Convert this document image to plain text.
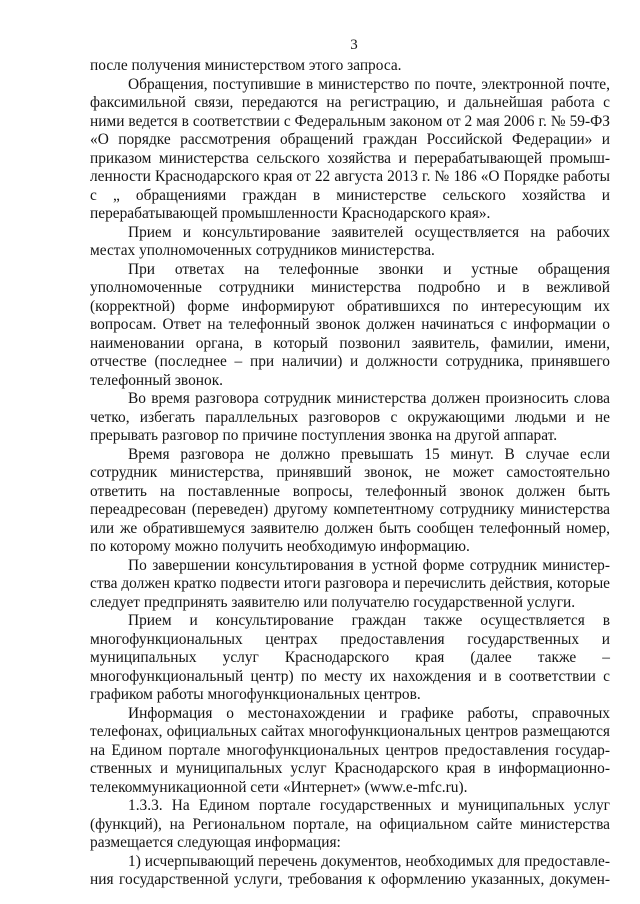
3

после получения министерством этого запроса.

Обращения, поступившие в министерство по почте, электронной почте, факсимильной связи, передаются на регистрацию, и дальнейшая работа с ними ведется в соответствии с Федеральным законом от 2 мая 2006 г. № 59-ФЗ «О порядке рассмотрения обращений граждан Российской Федерации» и приказом министерства сельского хозяйства и перерабатывающей промышленности Краснодарского края от 22 августа 2013 г. № 186 «О Порядке работы с „ обращениями граждан в министерстве сельского хозяйства и перерабатывающей промышленности Краснодарского края».

Прием и консультирование заявителей осуществляется на рабочих местах уполномоченных сотрудников министерства.

При ответах на телефонные звонки и устные обращения уполномоченные сотрудники министерства подробно и в вежливой (корректной) форме информируют обратившихся по интересующим их вопросам. Ответ на телефонный звонок должен начинаться с информации о наименовании органа, в который позвонил заявитель, фамилии, имени, отчестве (последнее – при наличии) и должности сотрудника, принявшего телефонный звонок.

Во время разговора сотрудник министерства должен произносить слова четко, избегать параллельных разговоров с окружающими людьми и не прерывать разговор по причине поступления звонка на другой аппарат.

Время разговора не должно превышать 15 минут. В случае если сотрудник министерства, принявший звонок, не может самостоятельно ответить на поставленные вопросы, телефонный звонок должен быть переадресован (переведен) другому компетентному сотруднику министерства или же обратившемуся заявителю должен быть сообщен телефонный номер, по которому можно получить необходимую информацию.

По завершении консультирования в устной форме сотрудник министерства должен кратко подвести итоги разговора и перечислить действия, которые следует предпринять заявителю или получателю государственной услуги.

Прием и консультирование граждан также осуществляется в многофункциональных центрах предоставления государственных и муниципальных услуг Краснодарского края (далее также – многофункциональный центр) по месту их нахождения и в соответствии с графиком работы многофункциональных центров.

Информация о местонахождении и графике работы, справочных телефонах, официальных сайтах многофункциональных центров размещаются на Едином портале многофункциональных центров предоставления государственных и муниципальных услуг Краснодарского края в информационно-телекоммуникационной сети «Интернет» (www.e-mfc.ru).

1.3.3. На Едином портале государственных и муниципальных услуг (функций), на Региональном портале, на официальном сайте министерства размещается следующая информация:

1) исчерпывающий перечень документов, необходимых для предоставления государственной услуги, требования к оформлению указанных, докумен-
